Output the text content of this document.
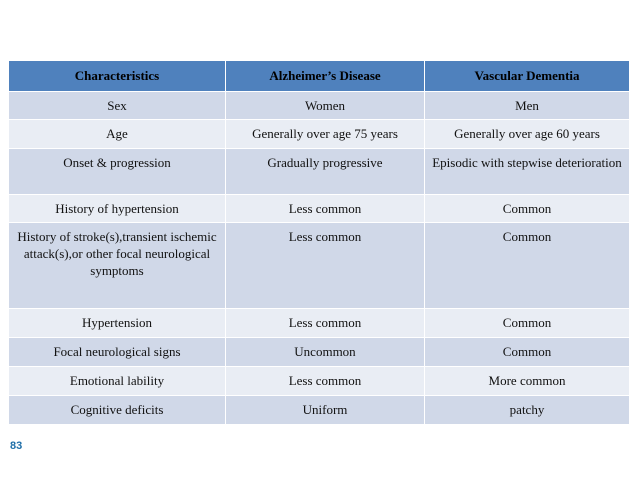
Characteristics	Alzheimer’s Disease	Vascular Dementia
Sex	Women	Men
Age	Generally over age 75 years	Generally over age 60 years
Onset & progression	Gradually progressive	Episodic with stepwise deterioration
History of hypertension	Less common	Common
History of stroke(s),transient ischemic attack(s),or other focal neurological symptoms	Less common	Common
Hypertension	Less common	Common
Focal neurological signs	Uncommon	Common
Emotional lability	Less common	More common
Cognitive deficits	Uniform	patchy
83
